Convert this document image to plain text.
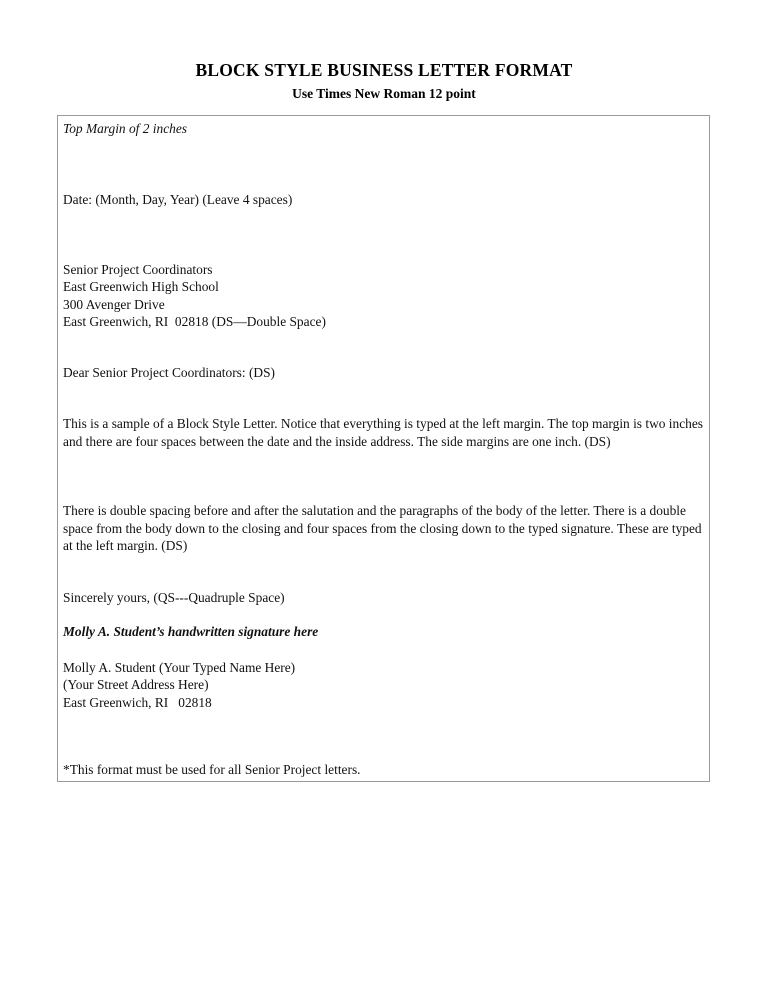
BLOCK STYLE BUSINESS LETTER FORMAT
Use Times New Roman 12 point
Top Margin of 2 inches
Date: (Month, Day, Year) (Leave 4 spaces)
Senior Project Coordinators
East Greenwich High School
300 Avenger Drive
East Greenwich, RI  02818 (DS—Double Space)
Dear Senior Project Coordinators: (DS)
This is a sample of a Block Style Letter. Notice that everything is typed at the left margin. The top margin is two inches and there are four spaces between the date and the inside address. The side margins are one inch. (DS)
There is double spacing before and after the salutation and the paragraphs of the body of the letter. There is a double space from the body down to the closing and four spaces from the closing down to the typed signature. These are typed at the left margin. (DS)
Sincerely yours, (QS---Quadruple Space)
Molly A. Student’s handwritten signature here
Molly A. Student (Your Typed Name Here)
(Your Street Address Here)
East Greenwich, RI   02818
*This format must be used for all Senior Project letters.
